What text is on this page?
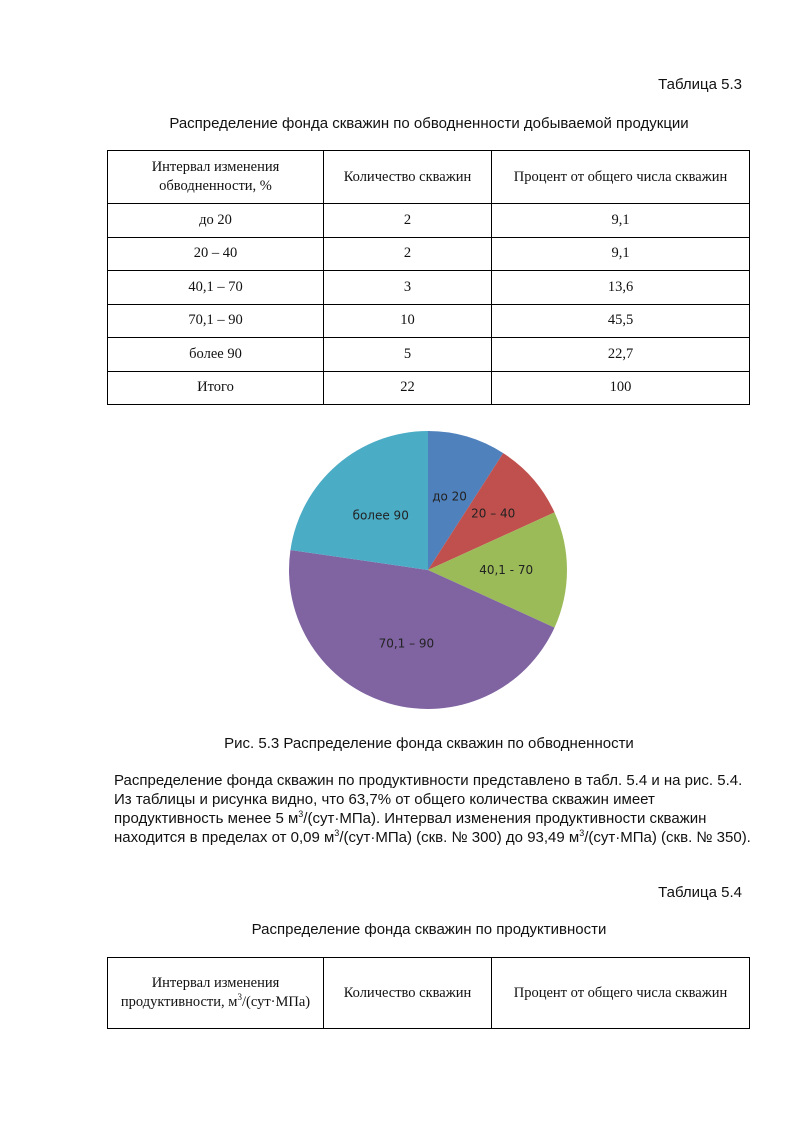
Таблица 5.3
Распределение фонда скважин по обводненности добываемой продукции
Интервал изменения обводненности, %	Количество скважин	Процент от общего числа скважин
до 20	2	9,1
20 – 40	2	9,1
40,1 – 70	3	13,6
70,1 – 90	10	45,5
более 90	5	22,7
Итого	22	100
до 20
20 – 40
40,1 - 70
70,1 – 90
более 90
Рис. 5.3 Распределение фонда скважин по обводненности
Распределение фонда скважин по продуктивности представлено в табл. 5.4 и на рис. 5.4. Из таблицы и рисунка видно, что 63,7% от общего количества скважин имеет продуктивность менее 5 $м^3/(сут\cdot МПа)$. Интервал изменения продуктивности скважин находится в пределах от 0,09 $м^3/(сут\cdot МПа)$ (скв. № 300) до 93,49 $м^3/(сут\cdot МПа)$ (скв. № 350).
Таблица 5.4
Распределение фонда скважин по продуктивности
Интервал изменения продуктивности, $м^3/(сут\cdot МПа)$	Количество скважин	Процент от общего числа скважин
